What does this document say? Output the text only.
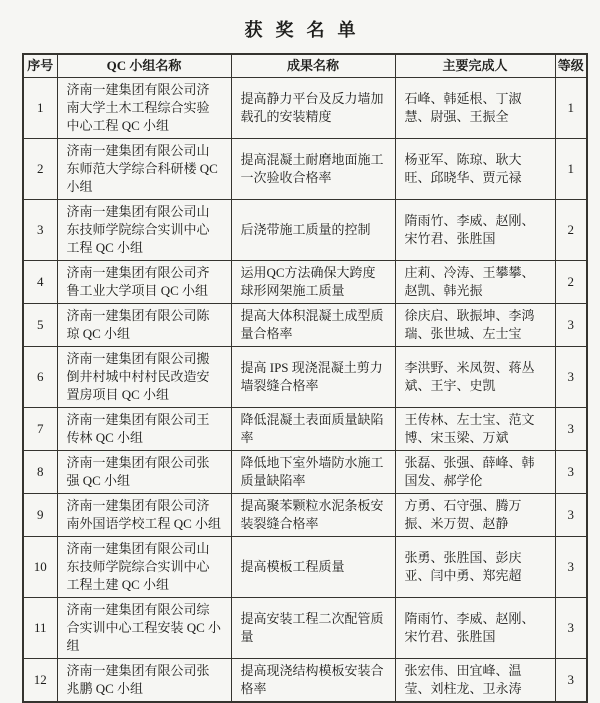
获奖名单
序号	QC 小组名称	成果名称	主要完成人	等级
1	济南一建集团有限公司济南大学土木工程综合实验中心工程 QC 小组	提高静力平台及反力墙加载孔的安装精度	石峰、韩延根、丁淑慧、尉强、王振全	1
2	济南一建集团有限公司山东师范大学综合科研楼 QC 小组	提高混凝土耐磨地面施工一次验收合格率	杨亚军、陈琼、耿大旺、邱晓华、贾元禄	1
3	济南一建集团有限公司山东技师学院综合实训中心工程 QC 小组	后浇带施工质量的控制	隋雨竹、李威、赵刚、宋竹君、张胜国	2
4	济南一建集团有限公司齐鲁工业大学项目 QC 小组	运用QC方法确保大跨度球形网架施工质量	庄莉、冷涛、王攀攀、赵凯、韩光振	2
5	济南一建集团有限公司陈琼 QC 小组	提高大体积混凝土成型质量合格率	徐庆启、耿振坤、李鸿瑞、张世城、左士宝	3
6	济南一建集团有限公司搬倒井村城中村村民改造安置房项目 QC 小组	提高 IPS 现浇混凝土剪力墙裂缝合格率	李洪野、米凤贺、蒋丛斌、王宇、史凯	3
7	济南一建集团有限公司王传林 QC 小组	降低混凝土表面质量缺陷率	王传林、左士宝、范文博、宋玉梁、万斌	3
8	济南一建集团有限公司张强 QC 小组	降低地下室外墙防水施工质量缺陷率	张磊、张强、薛峰、韩国发、郝学伦	3
9	济南一建集团有限公司济南外国语学校工程 QC 小组	提高聚苯颗粒水泥条板安装裂缝合格率	方勇、石守强、腾万振、米万贺、赵静	3
10	济南一建集团有限公司山东技师学院综合实训中心工程土建 QC 小组	提高模板工程质量	张勇、张胜国、彭庆亚、闫中勇、郑宪超	3
11	济南一建集团有限公司综合实训中心工程安装 QC 小组	提高安装工程二次配管质量	隋雨竹、李威、赵刚、宋竹君、张胜国	3
12	济南一建集团有限公司张兆鹏 QC 小组	提高现浇结构模板安装合格率	张宏伟、田宜峰、温莹、刘柱龙、卫永涛	3
